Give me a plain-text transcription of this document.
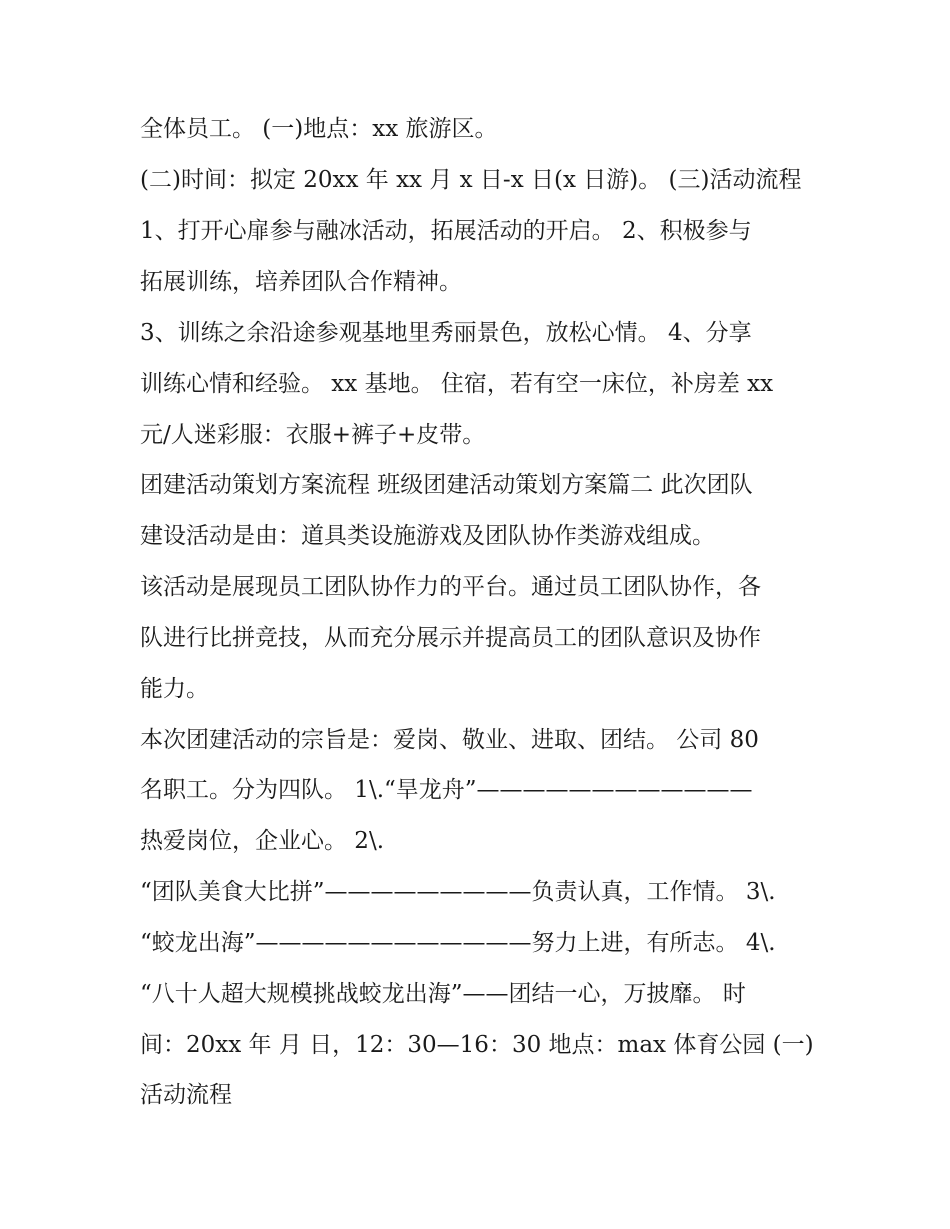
全体员工。 (一)地点：xx 旅游区。
(二)时间：拟定 20xx 年 xx 月 x 日-x 日(x 日游)。 (三)活动流程
1、打开心扉参与融冰活动，拓展活动的开启。 2、积极参与
拓展训练，培养团队合作精神。
3、训练之余沿途参观基地里秀丽景色，放松心情。 4、分享
训练心情和经验。 xx 基地。 住宿，若有空一床位，补房差 xx
元/人迷彩服：衣服+裤子+皮带。
团建活动策划方案流程 班级团建活动策划方案篇二 此次团队
建设活动是由：道具类设施游戏及团队协作类游戏组成。
该活动是展现员工团队协作力的平台。通过员工团队协作，各
队进行比拼竞技，从而充分展示并提高员工的团队意识及协作
能力。
本次团建活动的宗旨是：爱岗、敬业、进取、团结。 公司 80
名职工。分为四队。 1\.“旱龙舟”————————————
热爱岗位，企业心。 2\.
“团队美食大比拼”—————————负责认真，工作情。 3\.
“蛟龙出海”————————————努力上进，有所志。 4\.
“八十人超大规模挑战蛟龙出海”——团结一心，万披靡。 时
间：20xx 年 月 日，12：30—16：30 地点：max 体育公园 (一)
活动流程
